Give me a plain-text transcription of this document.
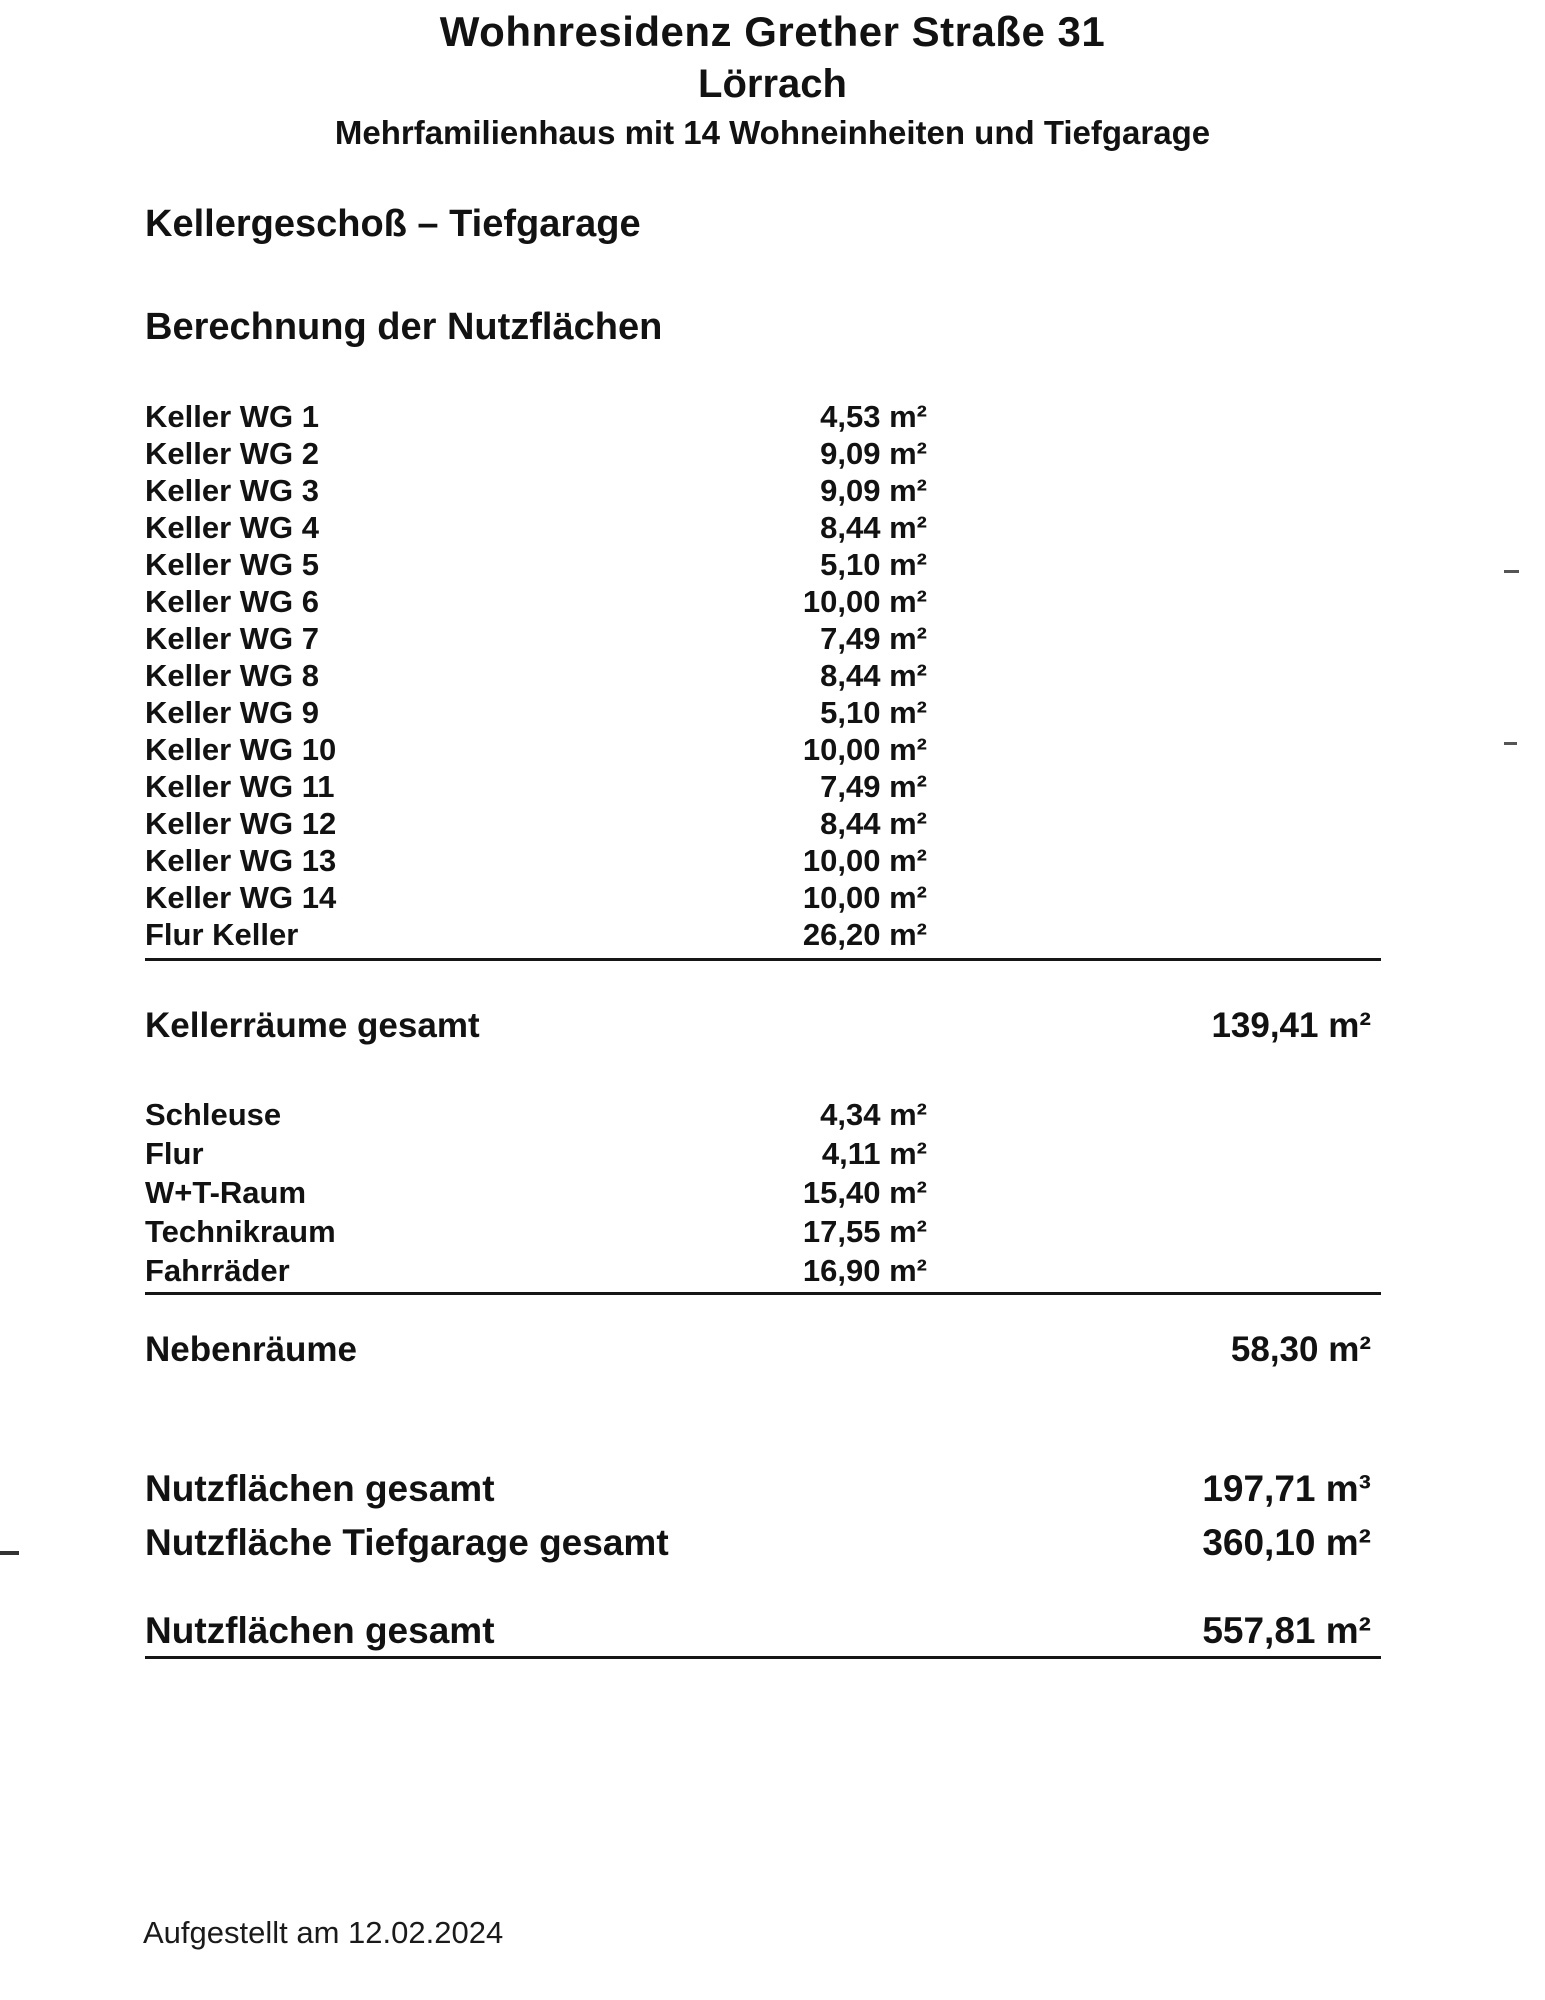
Wohnresidenz Grether Straße 31
Lörrach
Mehrfamilienhaus mit 14 Wohneinheiten und Tiefgarage
Kellergeschoß – Tiefgarage
Berechnung der Nutzflächen
Keller WG 1	4,53 m²
Keller WG 2	9,09 m²
Keller WG 3	9,09 m²
Keller WG 4	8,44 m²
Keller WG 5	5,10 m²
Keller WG 6	10,00 m²
Keller WG 7	7,49 m²
Keller WG 8	8,44 m²
Keller WG 9	5,10 m²
Keller WG 10	10,00 m²
Keller WG 11	7,49 m²
Keller WG 12	8,44 m²
Keller WG 13	10,00 m²
Keller WG 14	10,00 m²
Flur Keller	26,20 m²
Kellerräume gesamt	139,41 m²
Schleuse	4,34 m²
Flur	4,11 m²
W+T-Raum	15,40 m²
Technikraum	17,55 m²
Fahrräder	16,90 m²
Nebenräume	58,30 m²
Nutzflächen gesamt	197,71 m³
Nutzfläche Tiefgarage gesamt	360,10 m²
Nutzflächen gesamt	557,81 m²
Aufgestellt am 12.02.2024
